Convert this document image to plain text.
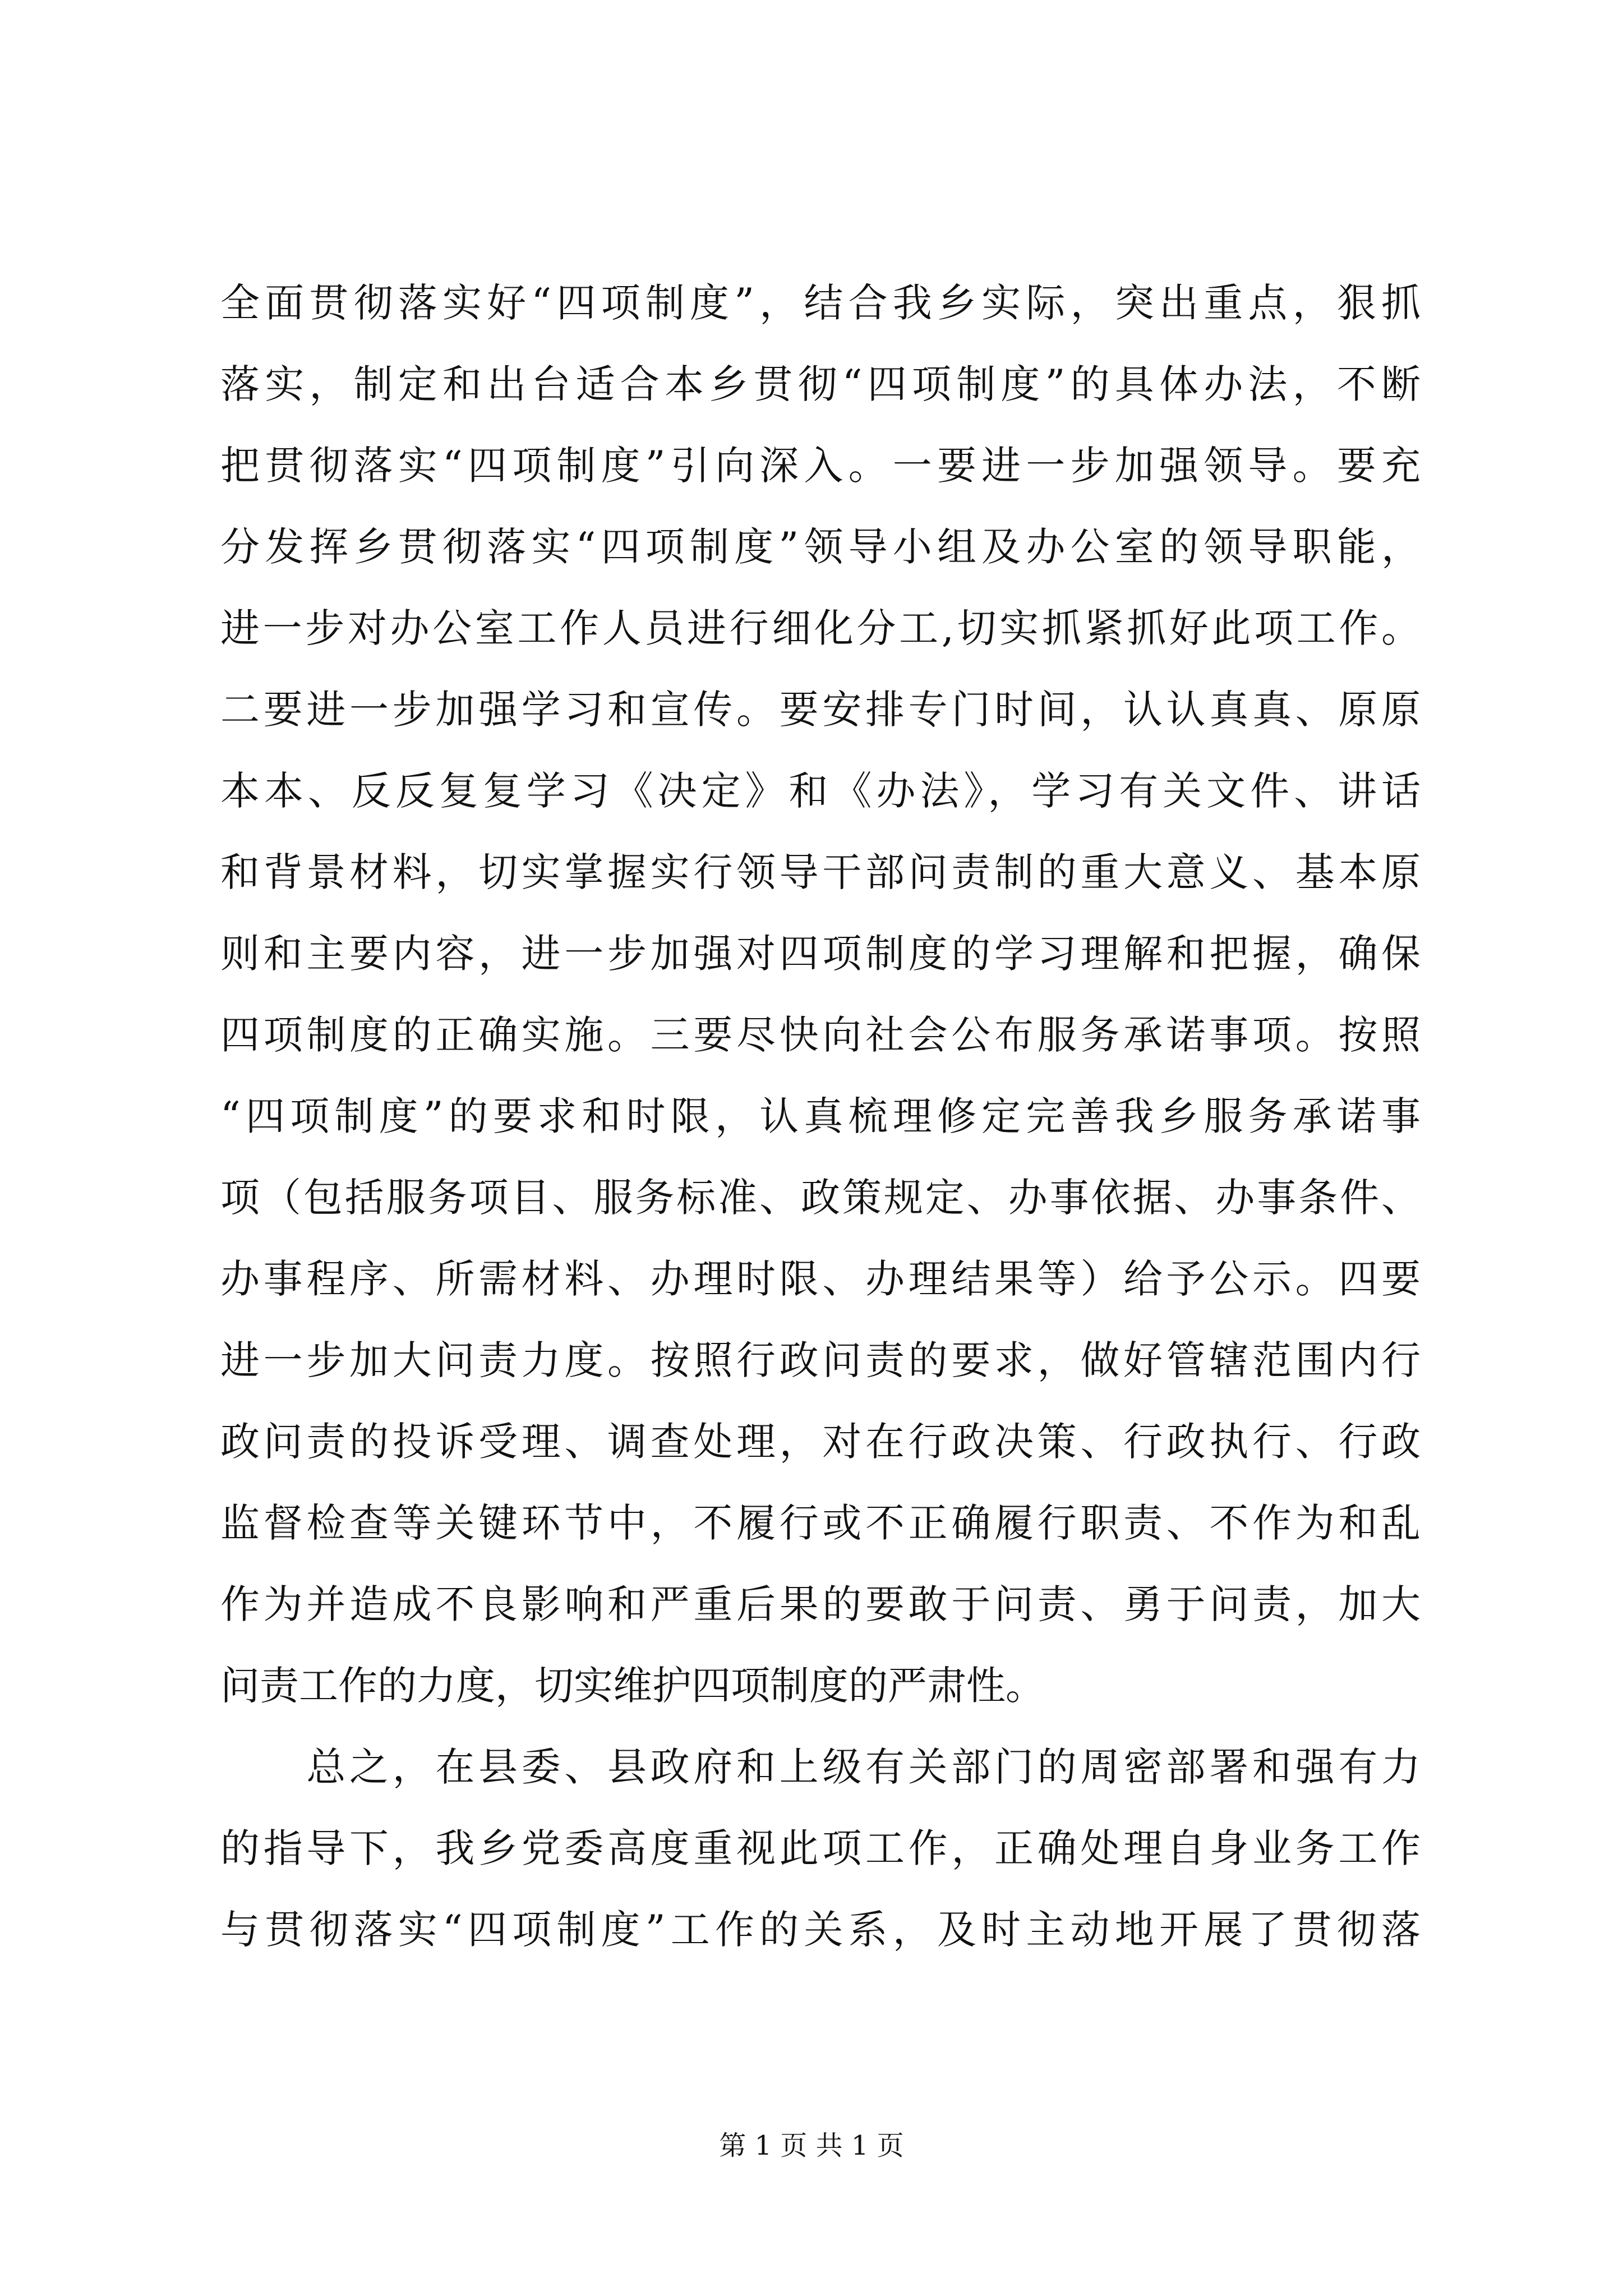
全面贯彻落实好“四项制度”，结合我乡实际，突出重点，狠抓
落实，制定和出台适合本乡贯彻“四项制度”的具体办法，不断
把贯彻落实“四项制度”引向深入。一要进一步加强领导。要充
分发挥乡贯彻落实“四项制度”领导小组及办公室的领导职能，
进一步对办公室工作人员进行细化分工,切实抓紧抓好此项工作。
二要进一步加强学习和宣传。要安排专门时间，认认真真、原原
本本、反反复复学习《决定》和《办法》，学习有关文件、讲话
和背景材料，切实掌握实行领导干部问责制的重大意义、基本原
则和主要内容，进一步加强对四项制度的学习理解和把握，确保
四项制度的正确实施。三要尽快向社会公布服务承诺事项。按照
“四项制度”的要求和时限，认真梳理修定完善我乡服务承诺事
项（包括服务项目、服务标准、政策规定、办事依据、办事条件、
办事程序、所需材料、办理时限、办理结果等）给予公示。四要
进一步加大问责力度。按照行政问责的要求，做好管辖范围内行
政问责的投诉受理、调查处理，对在行政决策、行政执行、行政
监督检查等关键环节中，不履行或不正确履行职责、不作为和乱
作为并造成不良影响和严重后果的要敢于问责、勇于问责，加大
问责工作的力度，切实维护四项制度的严肃性。
　　总之，在县委、县政府和上级有关部门的周密部署和强有力
的指导下，我乡党委高度重视此项工作，正确处理自身业务工作
与贯彻落实“四项制度”工作的关系，及时主动地开展了贯彻落
第 1 页 共 1 页
